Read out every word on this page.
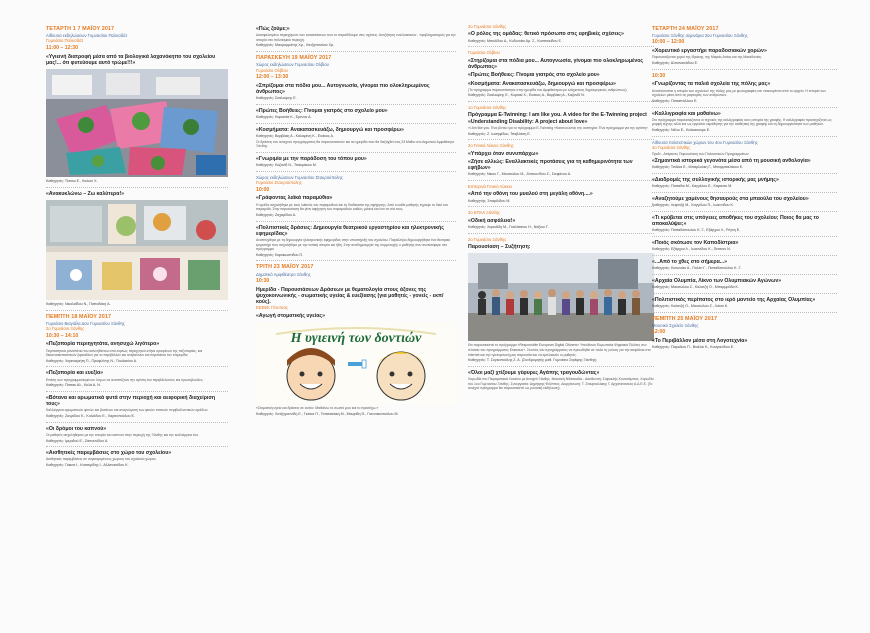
ΤΕΤΑΡΤΗ 1 7 ΜΑΪΟΥ 2017
Αίθουσα εκδηλώσεων Γυμνασίου Παλυσδάτ
Γυμνάσιο Παλυσδάτ
11:00 – 12:30
«Υγιεινή διατροφή μέσα από τα βιολογικά λαχανόκηπο του σχολείου μας!... ότι φυτεύουμε αυτό τρώμε!!!»
Καθηγητές: Τόσιου Ε., Καλιού Χ.
«Ανακυκλώνω – Ζω καλύτερα!»
Καθηγητές: Νικολαΐδου Ν., Παπαδάκη Α.
ΠΕΜΠΤΗ 18 ΜΑΪΟΥ 2017
Γυμνάσιο Βιαγιάλα Δου Γυμνασίου Ξάνθης
2ο Γυμνάσιο Ξάνθης
10:30 – 14:10
«Πεζοπορία περιηγητάτα, ανησυχώ λιγότερο»
Περιπατητικά μονοπάτια του ασυνήθιστου από ευρέως περιηγητού κτήνα ορισμένου της πεζοπορίας, και δεκανοσκεπαστικών ζαρκαδίων για το περιβάλλον και ανεβαίνουν και περιπάτου τον επιμερίδα.
Καθηγητές: Χαριτοκρήτη Π., Προφιλίνης Ν., Πουλακίου Α.
«Πεζοπορία και ευεξία»
Επίκτη των προγραμματισμένων λόγων να αναπτύξουν την αγάπη του περιβάλλοντος και πρωτοβουλίες.
Καθηγητές: Παπακ Αλ., Κολά Α. Ν.
«Βότανα και αρωματικά φυτά στην περιοχή και αειφορική διαχείριση τους»
Καλλιέργεια αρωματικών φυτών και βοτάνων και αναγνώριση των φυτών τοπικών περιβαλλοντικών ομάδων.
Καθηγητές: Ζουρίδου Κ., Κυλιάδου Ε., Χαριτοπούλου Ε.
«Οι δρόμοι του καπνού»
Οι μαθητές ασχολήθηκαν με την ιστορία του καπνού στην περιοχή της Ξάνθης και την καλλιέργεια του.
Καθηγητές: Ιμεριδού Ε., Ζαπουνίδου Α.
«Αισθητικές παρεμβάσεις στο χώρο του σχολείου»
Αισθητικές παρεμβάσεις σε συγκεκριμένους χώρους του σχολικού χώρου.
Καθηγητές: Γιάκειτ Ι., Κασσιμίδης Ι., Αλλανασίδου Κ.
«Πώς ζούμε;»
Διασφαλισμένο περιεχόμενο των καταστάσεων που το παραδίδουμε στις σχέσεις. Αναζήτηση εναλλακτικών - προβληματισμός για την ιστορία στο πολιτισμικό περιοχή.
Καθηγητές: Μαυρομμάτης Χρ., Χατζηπανάου Χρ.
ΠΑΡΑΣΚΕΥΗ 19 ΜΑΪΟΥ 2017
Χώρος εκδηλώσεων Γυμνασίου Ολβίου
Γυμνάσιο Ολβίου
12:00 – 13:30
«Σπρίζομαι στα πόδια μου... Αυτογνωσία, γίνομαι πιο ολοκληρωμένος άνθρωπος»
Καθηγητές: Σκαλιώρης Ε.
«Πρώτες Βοήθειες: Γίνομαι γιατρός στο σχολείο μου»
Καθηγητές: Καρασάτ Κ., Ερένοκ Α.
«Κοσμήματα: Ανακατασκευάζω, δημιουργώ και προσφέρω»
Καθηγητές: Βαρβάκη Α., Καλαμένη Κ., Ευάκος Α.
Οι δράσεις του ανοιχτού προγράμματος θα παρουσιαστούν και σε ημερίδα που θα διεξαχθεί στις 23 Μαΐου στο Δημοτικό Αμφιθέατρο Ξάνθης.
«Γνωριμία με την παράδοση του τόπου μου»
Καθηγητές: Καζανίδ Ν., Τσακμάκου Μ.
Χώρος εκδηλώσεων Γυμνασίου Σταυρούπολης
Γυμνάσιο Σταυρούπολης
10:00
«Γράφοντας λαϊκά παραμύθια»
Η ομάδα ασχολήθηκε με τους λαϊκούς του παραμυθιού και τη διαδικασία της αφήγησης. Από οι κάθε μαθητής έγραψε το δικό του παραμύθι. Στην παρουσίαση θα γίνει αφήγηση των παραμυθιών καθώς μιλικοί και ένα τα νέα τους.
Καθηγητές: Ζαχαρίδου Α.
«Πολιτιστικές δράσεις: Δημιουργία θεατρικού εργαστηρίου και ηλεκτρονικής εφημερίδας»
Αναπτύχθηκε με τη δημιουργία ηλεκτρονικής εφημερίδας στην υποστήριξη του σχολείου. Παράλληλα δημιουργήθηκε ένα θεατρικό εργαστήρι που ασχολήθηκε με την τοπική ιστορία και ήθη. Στην αναδημιουργία της συμμετοχής ο μαθητής που συνεισέφερε στο πρόγραμμα.
Καθηγητές: Καρακωστίδου Π.
ΤΡΙΤΗ 23 ΜΑΪΟΥ 2017
Δημοτικό Αμφιθέατρο Ξάνθης
10:30
Ημερίδα - Παρουσιάσεων Δράσεων με θεματολογία στους άξονες της ψυχοκοινωνικής - σωματικής υγείας & ευεξίασης (για μαθητές - γονείς - εκπ/κούς).
ΕΕΕΕΚ Γένισσας
«Αγωγή στοματικής υγείας»
Η υγιεινή των δοντιών
«Στοματική υγεία και δράσεις σε αυτόν. Μαθαίνω το σωστό μου και το προσέχω.»
Καθηγητές: Χατζηγιαννίδη Ε., Γκιόκα Π., Τσιτσιακάκη Μ., Μαυρίδη Θ., Γιαννακοπούλου Μ.
2ο Γυμνάσιο Ξάνθης
«Ο ρόλος της ομάδας: θετικό πρόσωπο στις εφηβικές σχέσεις»
Καθηγητές: Μπαλίδου Α., Κυδωνάκι Αρ. Σ., Κοσσοικίδου Ε.
Γυμνάσιο Ολβίου
«Στηρίζομαι στα πόδια μου... Αυτογνωσία, γίνομαι πιο ολοκληρωμένος άνθρωπος»
«Πρώτες Βοήθειες: Γίνομαι γιατρός στο σχολείο μου»
«Κοσμήματα: Ανακατασκευάζω, δημιουργώ και προσφέρω»
(Το πρόγραμμα παρουσιάστηκε στην ημερίδα του Αμφιθεάτρου με ελάχιστους δημιουργικούς ανθρώπους)
Καθηγητές: Σκαλιώρης Ε., Κυριακί Χ., Ευάκος Α., Βαρβάκη Α., Καζανίδ Ν.
1ο Γυμνάσιο Ξάνθης
Πρόγραμμα E-Twinning: I am like you. A video for the E-Twinning project «Understanding Disability: A project about love»
«I Am like you. Ένα βίντεο για το πρόγραμμα E-Twinning «Κατανοώντας την ανεπηρία: Ένα πρόγραμμα για την αγάπη»
Καθηγητές: Ζ. Ιωσηφίδου, Τσαβλάση Ε.
2ο Γενικό Λύκειο Ξάνθης
«Υπάρχει όταν συνυπάρχω»
«Ζήσε αλλιώς: Εναλλακτικές προτάσεις για τη καθημερινότητα των εφήβων»
Καθηγητές: Νικου Γ., Μαυσώλου Μ., Ζαπουνίδου Ζ., Στεφάνου Α.
Εσπερινό Γενικό Λύκειο
«Από την οθόνη του μυαλού στη μεγάλη οθόνη....»
Καθηγητής: Σπαρίλίδου Μ.
3ο ΕΠΑΛ Ξάνθης
«Οδική ασφάλεια!»
Καθηγητές: Χαραλίδη Μ., Γκαλάτσιου Η., Νάξιου Τ.
2ο Γυμνάσιο Ξάνθης
Παρουσίαση – Συζήτηση:
Θα παρουσιαστεί το πρόγραμμα «Responsible European Digital Citizens» Υπεύθυνοι Ευρωπαίοι Ψηφιακοί Πολίτες στο πλαίσιο του προγράμματος Erasmus+. Σκοπός του προγράμματος να προωθηθεί σε πολύ τη γνώση για την ασφάλεια στο Internet και την ηλεκτρονική μας παρουσία και να εμπλακούν οι μαθητές.
Καθηγητές: Τ. Συγκοπούλης Ζ. Α. (Συνδρομητής μαθ. Γυμνάσιο Στρέφης Ξάνθης)
«Όλοι μαζί χτίζουμε γέφυρες Αγάπης τραγουδώντας»
Χορωδία του Πειραματικού Λυκείου με Ανοιχτά Ξάνθης. Μουσική διδασκαλία - Διεύθυνση: Σοφοκλής Κουτσιάμπος. Χορωδία του 1ου Γυμνασίου Ξάνθης. Συνεργασία: Δημήτρης Φιλίππος. Διοργάνωση: Τ. Σταυρουλάκης Γ. Αρχιτεκτονικός Α.Δ.Ε.Ε. (Το ανοιχτό πρόγραμμα θα παρουσιαστεί ως μουσική εκδήλωση).
ΤΕΤΑΡΤΗ 24 ΜΑΪΟΥ 2017
Γυμνάσιο Ξάνθης σεμινάρια 3ου Γυμνασίου Ξάνθης
10:00 – 12:00
«Χορευτικό εργαστήρι παραδοσιακών χορών»
Παρουσιάζονται χοροί της Θράκης, της Μικράς Ασίας και της Μακεδονίας.
Καθηγητές: Αλπανασάδου Ε.
10:30
«Γνωρίζοντας τα παλιά σχολεία της πόλης μας»
Αναπτύσσεται η ιστορία των σχολείων της πόλης μας με φωτογραφίες και ντοκουμέντα από το αρχείο. Η ιστορία των σχολείων μέσα από τις μαρτυρίες των ανθρώπων.
Καθηγητές: Παπαπάλλιου Ε.
«Καλλιγραφία και μαθαίνω»
Στο πρόγραμμα παρουσιάζονται οι τεχνικές της καλλιγραφίας και η ιστορία της γραφής. Η καλλιγραφία προσεγγίζεται ως μορφή τέχνης αλλά και ως εργαλείο εκμάθησης για την αισθητική της γραφής και τη δημιουργικότητα των μαθητών.
Καθηγητές: Νέλιο Ε., Καλκακουρκ Ε.
Αίθουσα πολιτιστικών χώρων του 4ου Γυμνασίου Ξάνθης
4ο Γυμνάσιο Ξάνθης
Προΐν - Ατάρεινες Παρουσίαση των Πολιτιστικών Προγραμμάτων
«Σημαντικά ιστορικά γεγονότα μέσα από τη μουσική ανθολογία»
Καθηγητές: Τσιλίκα Ε., Μπαρλούκη Γ., Μπαρμπαλάκου Ε.
«Διαδρομές της συλλογικής ιστορικής μας μνήμης»
Καθηγητές: Παπαδικ Μ., Καγγέλου Ε., Καρανεκ Μ.
«Αναζητούμε χαμένους θησαυρούς στα μπαούλα του σχολείου»
Καθηγητές: Λεψατζή Μ., Καγγέλου Π., Ιωαννίδου Κ.
«Τι κρύβεται στις υπόγειες αποθήκες του σχολείου; Ποιος θα μας το αποκαλύψει;»
Καθηγητές: Παπαδόπουλου Κ. Γ., Εξάρχου Λ., Ρέγκη Ε.
«Ποιός σκότωσε τον Καποδίστρια»
Καθηγητές: Εξάρχου Λ., Ιωαννίδου Κ., Πετσιου Ν.
«...Από το χθες στο σήμερα...»
Καθηγητές: Κατωνάκι Α., Πολέτι Γ., Παπαδοπούλου Κ. Γ.
«Αρχαία Ολυμπία, Λίκνο των Ολυμπιακών Αγώνων»
Καθηγητές: Μαυσώλου Ζ., Καλατζή Ο., Μπαρμμόδα Κ.
«Πολιτιστικός περίπατος στο ιερό μαντείο της Αρχαίας Ολυμπίας»
Καθηγητές: Καλατζή Ο., Μαυσώλου Ζ., Λιάνα Κ.
ΠΕΜΠΤΗ 25 ΜΑΪΟΥ 2017
Μουσικό Σχολείο Ξάνθης
12:00
«Το Περιβάλλον μέσα στη Λογοτεχνία»
Καθηγητές: Παρολίου Π., Βυάλαι Κ., Κουγιαλίδου Ε.
